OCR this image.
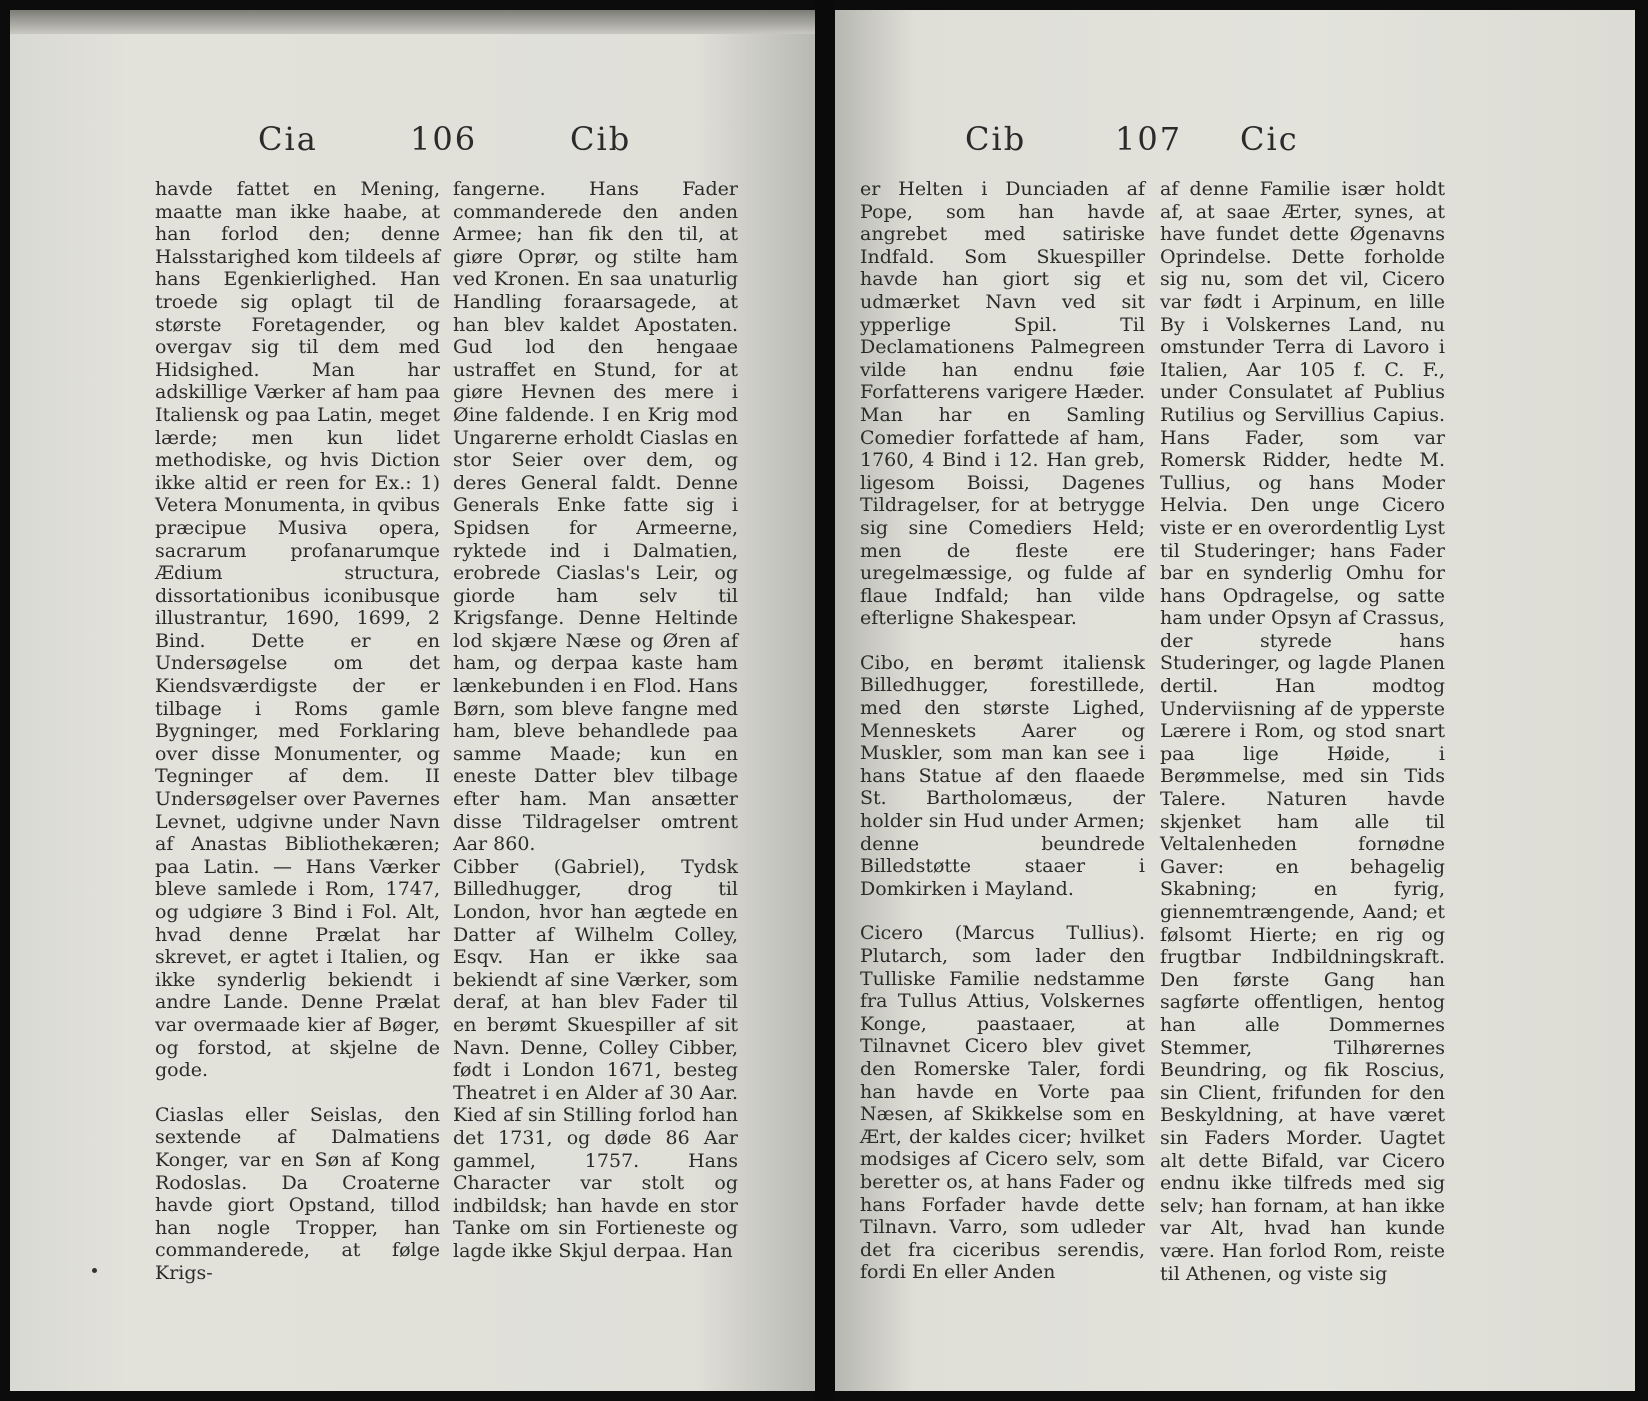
Cia	106	Cib

havde fattet en Mening, maatte man ikke haabe, at han forlod den; denne Halsstarighed kom tildeels af hans Egenkierlighed. Han troede sig oplagt til de største Foretagender, og overgav sig til dem med Hidsighed. Man har adskillige Værker af ham paa Italiensk og paa Latin, meget lærde; men kun lidet methodiske, og hvis Diction ikke altid er reen for Ex.: 1) Vetera Monumenta, in qvibus præcipue Musiva opera, sacrarum profanarumque Ædium structura, dissortationibus iconibusque illustrantur, 1690, 1699, 2 Bind. Dette er en Undersøgelse om det Kiendsværdigste der er tilbage i Roms gamle Bygninger, med Forklaring over disse Monumenter, og Tegninger af dem. II Undersøgelser over Pavernes Levnet, udgivne under Navn af Anastas Bibliothekæren; paa Latin. — Hans Værker bleve samlede i Rom, 1747, og udgiøre 3 Bind i Fol. Alt, hvad denne Prælat har skrevet, er agtet i Italien, og ikke synderlig bekiendt i andre Lande. Denne Prælat var overmaade kier af Bøger, og forstod, at skjelne de gode.

Ciaslas eller Seislas, den sextende af Dalmatiens Konger, var en Søn af Kong Rodoslas. Da Croaterne havde giort Opstand, tillod han nogle Tropper, han commanderede, at følge Krigs-

fangerne. Hans Fader commanderede den anden Armee; han fik den til, at giøre Oprør, og stilte ham ved Kronen. En saa unaturlig Handling foraarsagede, at han blev kaldet Apostaten. Gud lod den hengaae ustraffet en Stund, for at giøre Hevnen des mere i Øine faldende. I en Krig mod Ungarerne erholdt Ciaslas en stor Seier over dem, og deres General faldt. Denne Generals Enke fatte sig i Spidsen for Armeerne, ryktede ind i Dalmatien, erobrede Ciaslas's Leir, og giorde ham selv til Krigsfange. Denne Heltinde lod skjære Næse og Øren af ham, og derpaa kaste ham lænkebunden i en Flod. Hans Børn, som bleve fangne med ham, bleve behandlede paa samme Maade; kun en eneste Datter blev tilbage efter ham. Man ansætter disse Tildragelser omtrent Aar 860.

Cibber (Gabriel), Tydsk Billedhugger, drog til London, hvor han ægtede en Datter af Wilhelm Colley, Esqv. Han er ikke saa bekiendt af sine Værker, som deraf, at han blev Fader til en berømt Skuespiller af sit Navn. Denne, Colley Cibber, født i London 1671, besteg Theatret i en Alder af 30 Aar. Kied af sin Stilling forlod han det 1731, og døde 86 Aar gammel, 1757. Hans Character var stolt og indbildsk; han havde en stor Tanke om sin Fortieneste og lagde ikke Skjul derpaa. Han

Cib	107 Cic

er Helten i Dunciaden af Pope, som han havde angrebet med satiriske Indfald. Som Skuespiller havde han giort sig et udmærket Navn ved sit ypperlige Spil. Til Declamationens Palmegreen vilde han endnu føie Forfatterens varigere Hæder. Man har en Samling Comedier forfattede af ham, 1760, 4 Bind i 12. Han greb, ligesom Boissi, Dagenes Tildragelser, for at betrygge sig sine Comediers Held; men de fleste ere uregelmæssige, og fulde af flaue Indfald; han vilde efterligne Shakespear.

Cibo, en berømt italiensk Billedhugger, forestillede, med den største Lighed, Menneskets Aarer og Muskler, som man kan see i hans Statue af den flaaede St. Bartholomæus, der holder sin Hud under Armen; denne beundrede Billedstøtte staaer i Domkirken i Mayland.

Cicero (Marcus Tullius). Plutarch, som lader den Tulliske Familie nedstamme fra Tullus Attius, Volskernes Konge, paastaaer, at Tilnavnet Cicero blev givet den Romerske Taler, fordi han havde en Vorte paa Næsen, af Skikkelse som en Ært, der kaldes cicer; hvilket modsiges af Cicero selv, som beretter os, at hans Fader og hans Forfader havde dette Tilnavn. Varro, som udleder det fra ciceribus serendis, fordi En eller Anden

af denne Familie især holdt af, at saae Ærter, synes, at have fundet dette Øgenavns Oprindelse. Dette forholde sig nu, som det vil, Cicero var født i Arpinum, en lille By i Volskernes Land, nu omstunder Terra di Lavoro i Italien, Aar 105 f. C. F., under Consulatet af Publius Rutilius og Servillius Capius. Hans Fader, som var Romersk Ridder, hedte M. Tullius, og hans Moder Helvia. Den unge Cicero viste er en overordentlig Lyst til Studeringer; hans Fader bar en synderlig Omhu for hans Opdragelse, og satte ham under Opsyn af Crassus, der styrede hans Studeringer, og lagde Planen dertil. Han modtog Underviisning af de ypperste Lærere i Rom, og stod snart paa lige Høide, i Berømmelse, med sin Tids Talere. Naturen havde skjenket ham alle til Veltalenheden fornødne Gaver: en behagelig Skabning; en fyrig, giennemtrængende, Aand; et følsomt Hierte; en rig og frugtbar Indbildningskraft. Den første Gang han sagførte offentligen, hentog han alle Dommernes Stemmer, Tilhørernes Beundring, og fik Roscius, sin Client, frifunden for den Beskyldning, at have været sin Faders Morder. Uagtet alt dette Bifald, var Cicero endnu ikke tilfreds med sig selv; han fornam, at han ikke var Alt, hvad han kunde være. Han forlod Rom, reiste til Athenen, og viste sig
